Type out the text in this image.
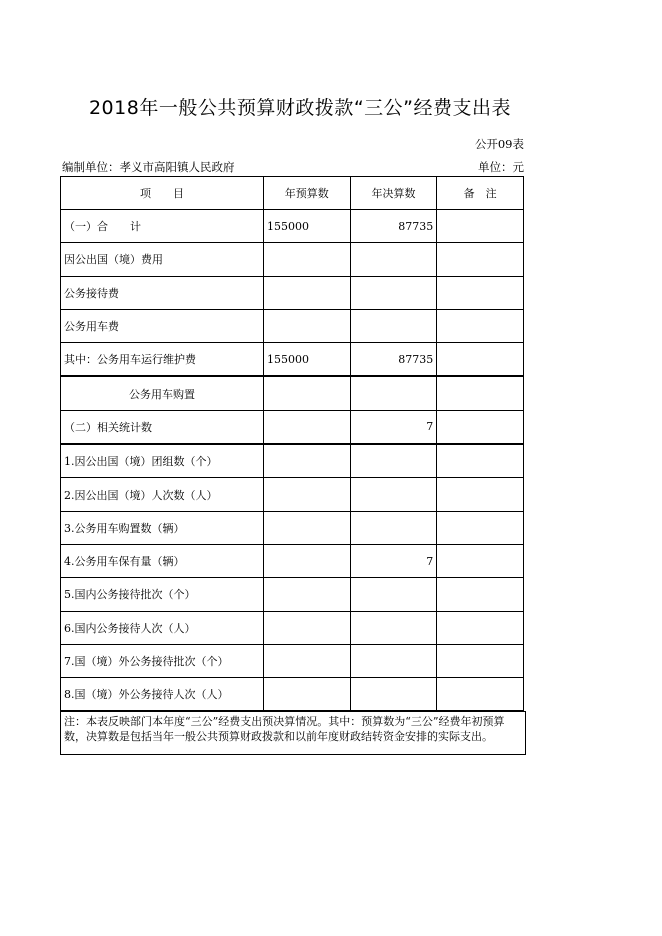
2018年一般公共预算财政拨款“三公”经费支出表
公开09表
编制单位：孝义市高阳镇人民政府	单位：元
项　　目	年预算数	年决算数	备　注
（一）合　　计	155000	87735	
因公出国（境）费用			
公务接待费			
公务用车费			
其中：公务用车运行维护费	155000	87735	
公务用车购置			
（二）相关统计数		7	
1.因公出国（境）团组数（个）			
2.因公出国（境）人次数（人）			
3.公务用车购置数（辆）			
4.公务用车保有量（辆）		7	
5.国内公务接待批次（个）			
6.国内公务接待人次（人）			
7.国（境）外公务接待批次（个）			
8.国（境）外公务接待人次（人）			
注：本表反映部门本年度“三公”经费支出预决算情况。其中：预算数为“三公”经费年初预算数，决算数是包括当年一般公共预算财政拨款和以前年度财政结转资金安排的实际支出。
